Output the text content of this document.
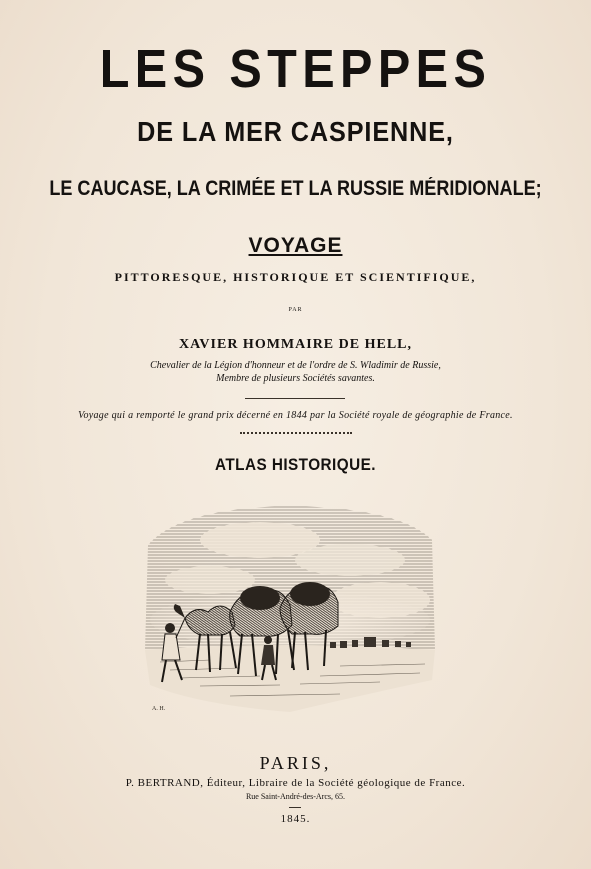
LES STEPPES
DE LA MER CASPIENNE,
LE CAUCASE, LA CRIMÉE ET LA RUSSIE MÉRIDIONALE;
VOYAGE
PITTORESQUE, HISTORIQUE ET SCIENTIFIQUE,
PAR
XAVIER HOMMAIRE DE HELL,
Chevalier de la Légion d'honneur et de l'ordre de S. Wladimir de Russie,
Membre de plusieurs Sociétés savantes.
Voyage qui a remporté le grand prix décerné en 1844 par la Société royale de géographie de France.
ATLAS HISTORIQUE.
A. H.
PARIS,
P. BERTRAND, Éditeur, Libraire de la Société géologique de France.
Rue Saint-André-des-Arcs, 65.
1845.
